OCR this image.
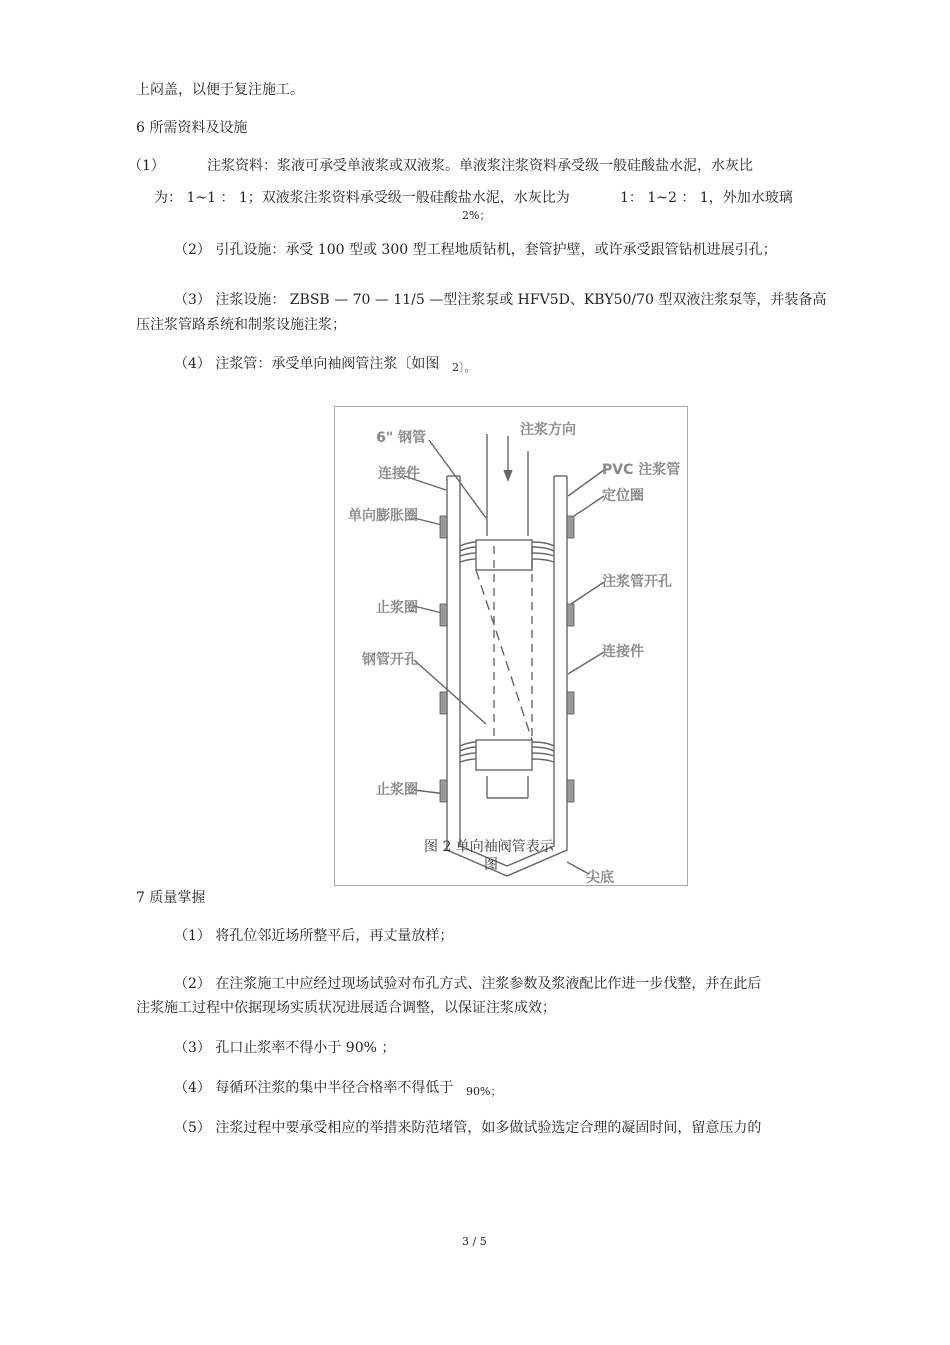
上闷盖，以便于复注施工。
6 所需资料及设施
（1）	注浆资料：浆液可承受单液浆或双液浆。单液浆注浆资料承受级一般硅酸盐水泥，水灰比
为： 1~1 ： 1；双液浆注浆资料承受级一般硅酸盐水泥，水灰比为	1： 1~2 ： 1，外加水玻璃
2%；
（2） 引孔设施：承受 100 型或 300 型工程地质钻机，套管护壁，或许承受跟管钻机进展引孔；
（3） 注浆设施： ZBSB — 70 — 11/5 —型注浆泵或 HFV5D、KBY50/70 型双液注浆泵等，并装备高
压注浆管路系统和制浆设施注浆；
（4） 注浆管：承受单向袖阀管注浆〔如图 2〕。
6" 钢管	注浆方向
连接件	PVC 注浆管
定位圈
单向膨胀圈
注浆管开孔
止浆圈
钢管开孔	连接件
止浆圈
尖底
图 2 单向袖阀管表示
图
7 质量掌握
（1） 将孔位邻近场所整平后，再丈量放样；
（2） 在注浆施工中应经过现场试验对布孔方式、注浆参数及浆液配比作进一步伐整，并在此后
注浆施工过程中依据现场实质状况进展适合调整，以保证注浆成效；
（3） 孔口止浆率不得小于 90% ；
（4） 每循环注浆的集中半径合格率不得低于 90%；
（5） 注浆过程中要承受相应的举措来防范堵管，如多做试验选定合理的凝固时间，留意压力的
3 / 5
